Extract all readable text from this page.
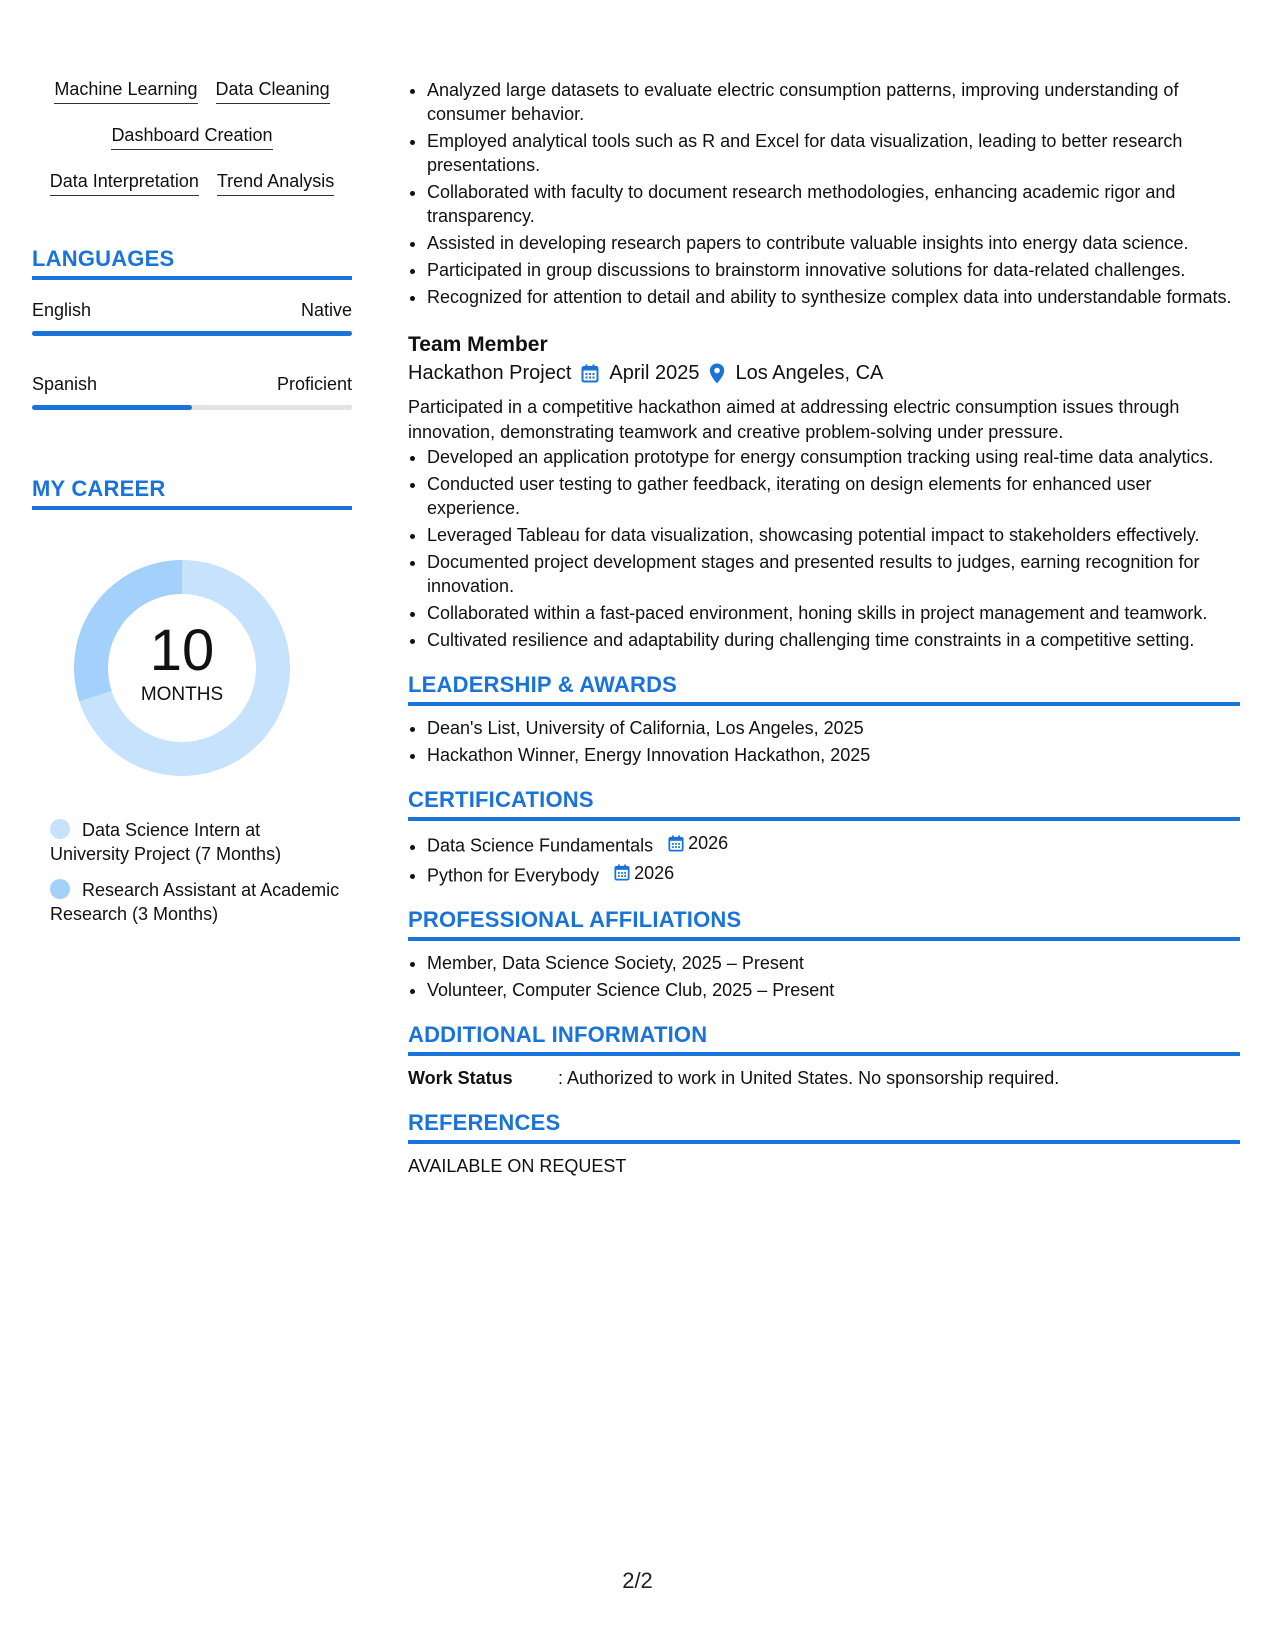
Machine Learning Data Cleaning
Dashboard Creation
Data Interpretation Trend Analysis
LANGUAGES
English	Native
Spanish	Proficient
MY CAREER
10
MONTHS
Data Science Intern at University Project (7 Months)
Research Assistant at Academic Research (3 Months)
• Analyzed large datasets to evaluate electric consumption patterns, improving understanding of consumer behavior.
• Employed analytical tools such as R and Excel for data visualization, leading to better research presentations.
• Collaborated with faculty to document research methodologies, enhancing academic rigor and transparency.
• Assisted in developing research papers to contribute valuable insights into energy data science.
• Participated in group discussions to brainstorm innovative solutions for data-related challenges.
• Recognized for attention to detail and ability to synthesize complex data into understandable formats.
Team Member
Hackathon Project April 2025 Los Angeles, CA
Participated in a competitive hackathon aimed at addressing electric consumption issues through innovation, demonstrating teamwork and creative problem-solving under pressure.
• Developed an application prototype for energy consumption tracking using real-time data analytics.
• Conducted user testing to gather feedback, iterating on design elements for enhanced user experience.
• Leveraged Tableau for data visualization, showcasing potential impact to stakeholders effectively.
• Documented project development stages and presented results to judges, earning recognition for innovation.
• Collaborated within a fast-paced environment, honing skills in project management and teamwork.
• Cultivated resilience and adaptability during challenging time constraints in a competitive setting.
LEADERSHIP & AWARDS
• Dean's List, University of California, Los Angeles, 2025
• Hackathon Winner, Energy Innovation Hackathon, 2025
CERTIFICATIONS
• Data Science Fundamentals 2026
• Python for Everybody 2026
PROFESSIONAL AFFILIATIONS
• Member, Data Science Society, 2025 – Present
• Volunteer, Computer Science Club, 2025 – Present
ADDITIONAL INFORMATION
Work Status	: Authorized to work in United States. No sponsorship required.
REFERENCES
AVAILABLE ON REQUEST
2/2
